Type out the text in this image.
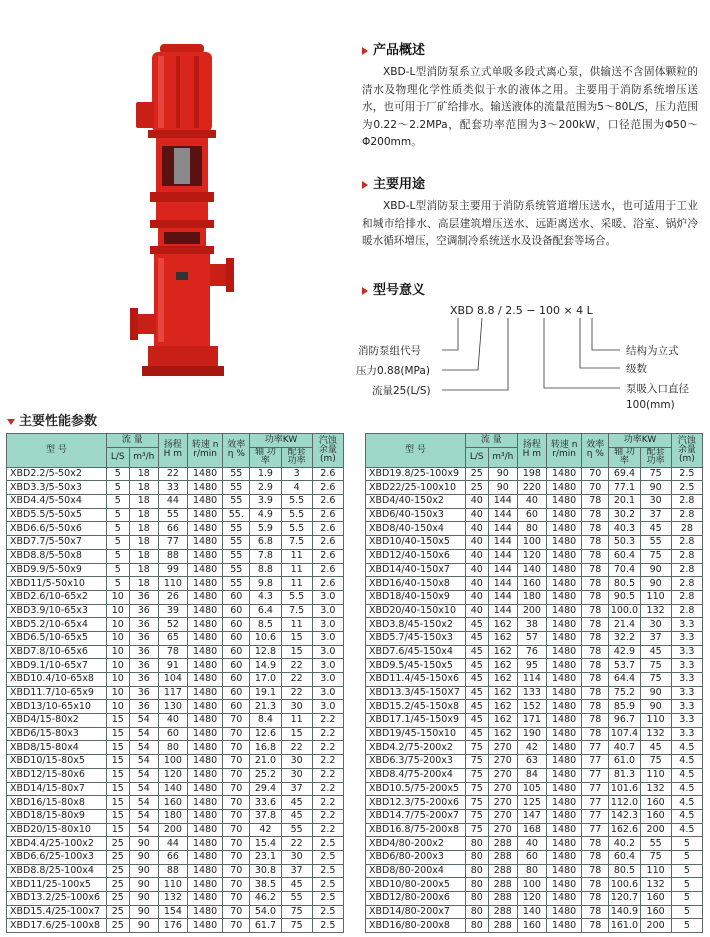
产品概述
XBD-L型消防泵系立式单吸多段式离心泵，供输送不含固体颗粒的清水及物理化学性质类似于水的液体之用。主要用于消防系统增压送水，也可用于厂矿给排水。输送液体的流量范围为5～80L/S，压力范围为0.22～2.2MPa，配套功率范围为3～200kW，口径范围为Φ50～Φ200mm。
主要用途
XBD-L型消防泵主要用于消防系统管道增压送水，也可适用于工业和城市给排水、高层建筑增压送水、远距离送水、采暖、浴室、锅炉冷暖水循环增压，空调制冷系统送水及设备配套等场合。
型号意义
XBD 8.8 / 2.5 − 100 × 4 L
消防泵组代号
压力0.88(MPa)
流量25(L/S)
结构为立式
级数
泵吸入口直径
100(mm)
主要性能参数
型 号	流 量		扬程 H m	转速 n r/min	效率 η %	功率KW		汽蚀 余量 (m)
	L/S	m³/h				轴 功率	配套 功率	
XBD2.2/5-50x2	5	18	22	1480	55	1.9	3	2.6
XBD3.3/5-50x3	5	18	33	1480	55	2.9	4	2.6
XBD4.4/5-50x4	5	18	44	1480	55	3.9	5.5	2.6
XBD5.5/5-50x5	5	18	55	1480	55.	4.9	5.5	2.6
XBD6.6/5-50x6	5	18	66	1480	55	5.9	5.5	2.6
XBD7.7/5-50x7	5	18	77	1480	55	6.8	7.5	2.6
XBD8.8/5-50x8	5	18	88	1480	55	7.8	11	2.6
XBD9.9/5-50x9	5	18	99	1480	55	8.8	11	2.6
XBD11/5-50x10	5	18	110	1480	55	9.8	11	2.6
XBD2.6/10-65x2	10	36	26	1480	60	4.3	5.5	3.0
XBD3.9/10-65x3	10	36	39	1480	60	6.4	7.5	3.0
XBD5.2/10-65x4	10	36	52	1480	60	8.5	11	3.0
XBD6.5/10-65x5	10	36	65	1480	60	10.6	15	3.0
XBD7.8/10-65x6	10	36	78	1480	60	12.8	15	3.0
XBD9.1/10-65x7	10	36	91	1480	60	14.9	22	3.0
XBD10.4/10-65x8	10	36	104	1480	60	17.0	22	3.0
XBD11.7/10-65x9	10	36	117	1480	60	19.1	22	3.0
XBD13/10-65x10	10	36	130	1480	60	21.3	30	3.0
XBD4/15-80x2	15	54	40	1480	70	8.4	11	2.2
XBD6/15-80x3	15	54	60	1480	70	12.6	15	2.2
XBD8/15-80x4	15	54	80	1480	70	16.8	22	2.2
XBD10/15-80x5	15	54	100	1480	70	21.0	30	2.2
XBD12/15-80x6	15	54	120	1480	70	25.2	30	2.2
XBD14/15-80x7	15	54	140	1480	70	29.4	37	2.2
XBD16/15-80x8	15	54	160	1480	70	33.6	45	2.2
XBD18/15-80x9	15	54	180	1480	70	37.8	45	2.2
XBD20/15-80x10	15	54	200	1480	70	42	55	2.2
XBD4.4/25-100x2	25	90	44	1480	70	15.4	22	2.5
XBD6.6/25-100x3	25	90	66	1480	70	23.1	30	2.5
XBD8.8/25-100x4	25	90	88	1480	70	30.8	37	2.5
XBD11/25-100x5	25	90	110	1480	70	38.5	45	2.5
XBD13.2/25-100x6	25	90	132	1480	70	46.2	55	2.5
XBD15.4/25-100x7	25	90	154	1480	70	54.0	75	2.5
XBD17.6/25-100x8	25	90	176	1480	70	61.7	75	2.5
型 号	流 量		扬程 H m	转速 n r/min	效率 η %	功率KW		汽蚀 余量 (m)
	L/S	m³/h				轴 功率	配套 功率	
XBD19.8/25-100x9	25	90	198	1480	70	69.4	75	2.5
XBD22/25-100x10	25	90	220	1480	70	77.1	90	2.5
XBD4/40-150x2	40	144	40	1480	78	20.1	30	2.8
XBD6/40-150x3	40	144	60	1480	78	30.2	37	2.8
XBD8/40-150x4	40	144	80	1480	78	40.3	45	28
XBD10/40-150x5	40	144	100	1480	78	50.3	55	2.8
XBD12/40-150x6	40	144	120	1480	78	60.4	75	2.8
XBD14/40-150x7	40	144	140	1480	78	70.4	90	2.8
XBD16/40-150x8	40	144	160	1480	78	80.5	90	2.8
XBD18/40-150x9	40	144	180	1480	78	90.5	110	2.8
XBD20/40-150x10	40	144	200	1480	78	100.0	132	2.8
XBD3.8/45-150x2	45	162	38	1480	78	21.4	30	3.3
XBD5.7/45-150x3	45	162	57	1480	78	32.2	37	3.3
XBD7.6/45-150x4	45	162	76	1480	78	42.9	45	3.3
XBD9.5/45-150x5	45	162	95	1480	78	53.7	75	3.3
XBD11.4/45-150x6	45	162	114	1480	78	64.4	75	3.3
XBD13.3/45-150X7	45	162	133	1480	78	75.2	90	3.3
XBD15.2/45-150x8	45	162	152	1480	78	85.9	90	3.3
XBD17.1/45-150x9	45	162	171	1480	78	96.7	110	3.3
XBD19/45-150x10	45	162	190	1480	78	107.4	132	3.3
XBD4.2/75-200x2	75	270	42	1480	77	40.7	45	4.5
XBD6.3/75-200x3	75	270	63	1480	77	61.0	75	4.5
XBD8.4/75-200x4	75	270	84	1480	77	81.3	110	4.5
XBD10.5/75-200x5	75	270	105	1480	77	101.6	132	4.5
XBD12.3/75-200x6	75	270	125	1480	77	112.0	160	4.5
XBD14.7/75-200x7	75	270	147	1480	77	142.3	160	4.5
XBD16.8/75-200x8	75	270	168	1480	77	162.6	200	4.5
XBD4/80-200x2	80	288	40	1480	78	40.2	55	5
XBD6/80-200x3	80	288	60	1480	78	60.4	75	5
XBD8/80-200x4	80	288	80	1480	78	80.5	110	5
XBD10/80-200x5	80	288	100	1480	78	100.6	132	5
XBD12/80-200x6	80	288	120	1480	78	120.7	160	5
XBD14/80-200x7	80	288	140	1480	78	140.9	160	5
XBD16/80-200x8	80	288	160	1480	78	161.0	200	5
